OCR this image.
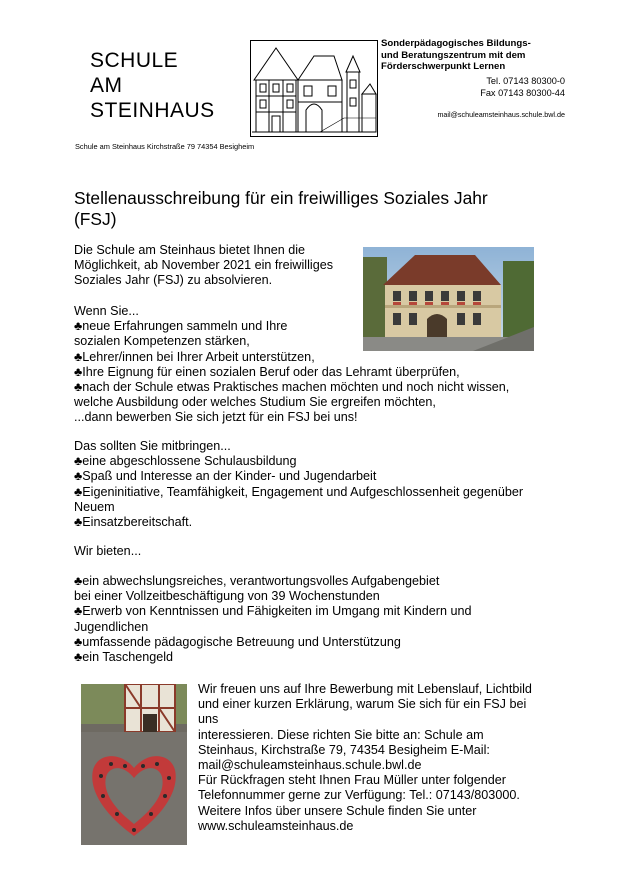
SCHULE
AM
STEINHAUS
Sonderpädagogisches Bildungs-
und Beratungszentrum mit dem
Förderschwerpunkt Lernen
Tel. 07143 80300-0
Fax 07143 80300-44
mail@schuleamsteinhaus.schule.bwl.de
Schule am Steinhaus Kirchstraße 79 74354 Besigheim
Stellenausschreibung für ein freiwilliges Soziales Jahr
(FSJ)
Die Schule am Steinhaus bietet Ihnen die
Möglichkeit, ab November 2021 ein freiwilliges
Soziales Jahr (FSJ) zu absolvieren.
Wenn Sie...
♣ neue Erfahrungen sammeln und Ihre
sozialen Kompetenzen stärken,
♣ Lehrer/innen bei Ihrer Arbeit unterstützen,
♣ Ihre Eignung für einen sozialen Beruf oder das Lehramt überprüfen,
♣ nach der Schule etwas Praktisches machen möchten und noch nicht wissen,
welche Ausbildung oder welches Studium Sie ergreifen möchten,
...dann bewerben Sie sich jetzt für ein FSJ bei uns!
Das sollten Sie mitbringen...
♣ eine abgeschlossene Schulausbildung
♣ Spaß und Interesse an der Kinder- und Jugendarbeit
♣ Eigeninitiative, Teamfähigkeit, Engagement und Aufgeschlossenheit gegenüber
Neuem
♣ Einsatzbereitschaft.
Wir bieten...
♣ ein abwechslungsreiches, verantwortungsvolles Aufgabengebiet
bei einer Vollzeitbeschäftigung von 39 Wochenstunden
♣ Erwerb von Kenntnissen und Fähigkeiten im Umgang mit Kindern und
Jugendlichen
♣ umfassende pädagogische Betreuung und Unterstützung
♣ ein Taschengeld
Wir freuen uns auf Ihre Bewerbung mit Lebenslauf, Lichtbild
und einer kurzen Erklärung, warum Sie sich für ein FSJ bei
uns
interessieren. Diese richten Sie bitte an: Schule am
Steinhaus, Kirchstraße 79, 74354 Besigheim E-Mail:
mail@schuleamsteinhaus.schule.bwl.de
Für Rückfragen steht Ihnen Frau Müller unter folgender
Telefonnummer gerne zur Verfügung: Tel.: 07143/803000.
Weitere Infos über unsere Schule finden Sie unter
www.schuleamsteinhaus.de
